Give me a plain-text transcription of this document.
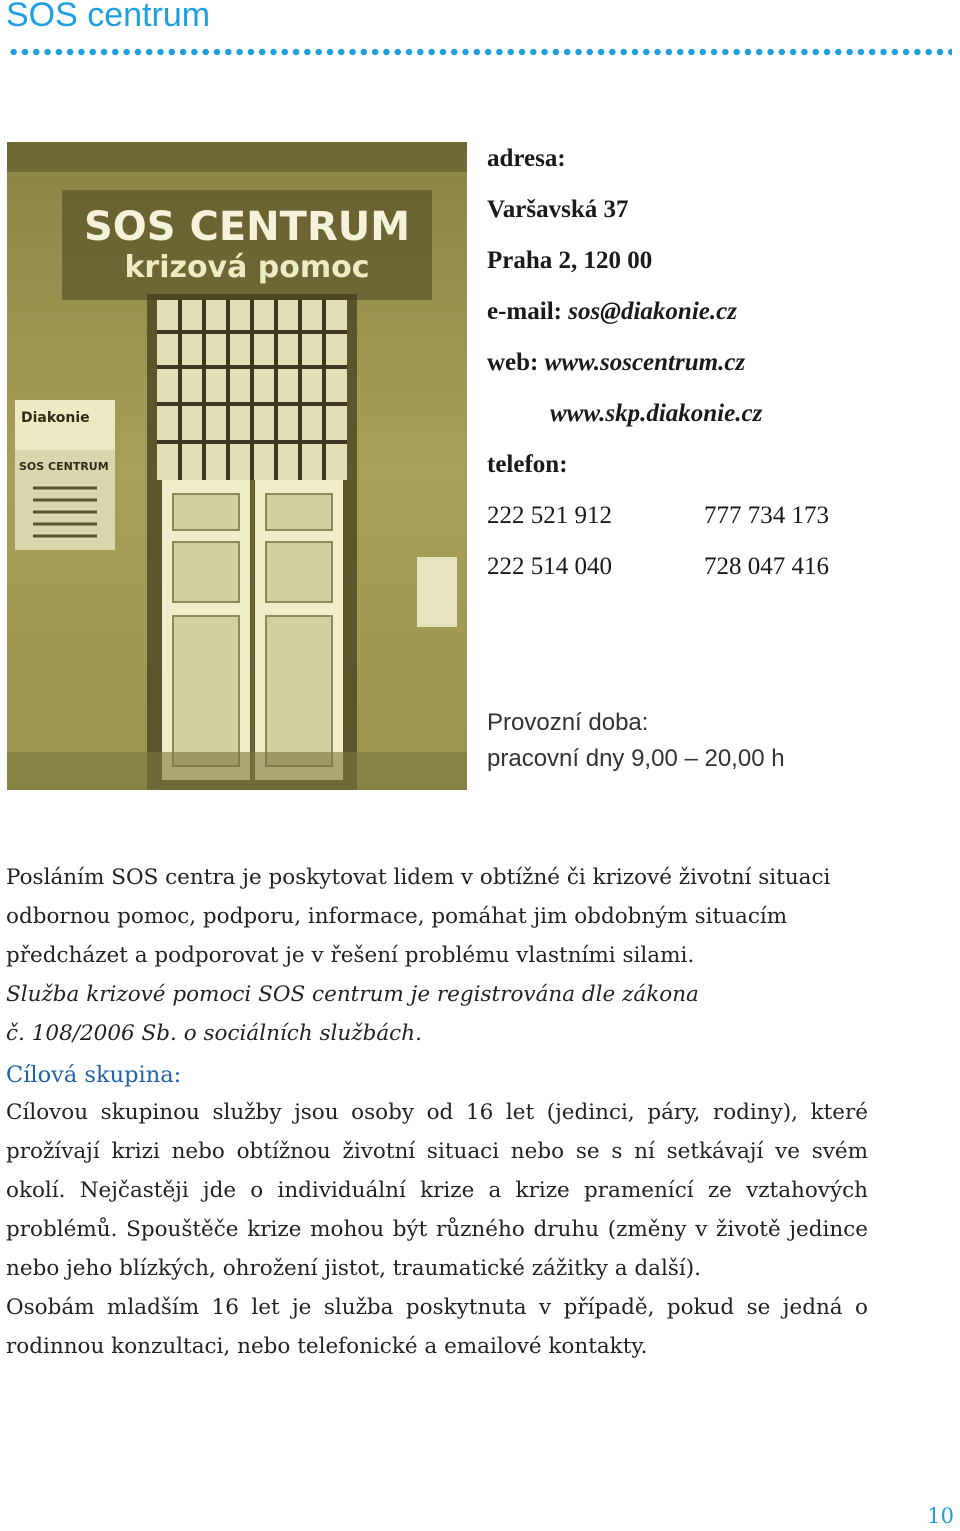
SOS centrum
SOS CENTRUM
krizová pomoc
Diakonie
SOS CENTRUM
adresa:
Varšavská 37
Praha 2, 120 00
e-mail: sos@diakonie.cz
web: www.soscentrum.cz
www.skp.diakonie.cz
telefon:
222 521 912	777 734 173
222 514 040	728 047 416
Provozní doba:
pracovní dny 9,00 – 20,00 h

Posláním SOS centra je poskytovat lidem v obtížné či krizové životní situaci odbornou pomoc, podporu, informace, pomáhat jim obdobným situacím předcházet a podporovat je v řešení problému vlastními silami.

Služba krizové pomoci SOS centrum je registrována dle zákona

č. 108/2006 Sb. o sociálních službách.

Cílová skupina:

Cílovou skupinou služby jsou osoby od 16 let (jedinci, páry, rodiny), které prožívají krizi nebo obtížnou životní situaci nebo se s ní setkávají ve svém okolí. Nejčastěji jde o individuální krize a krize pramenící ze vztahových problémů. Spouštěče krize mohou být různého druhu (změny v životě jedince nebo jeho blízkých, ohrožení jistot, traumatické zážitky a další).

Osobám mladším 16 let je služba poskytnuta v případě, pokud se jedná o rodinnou konzultaci, nebo telefonické a emailové kontakty.

10
